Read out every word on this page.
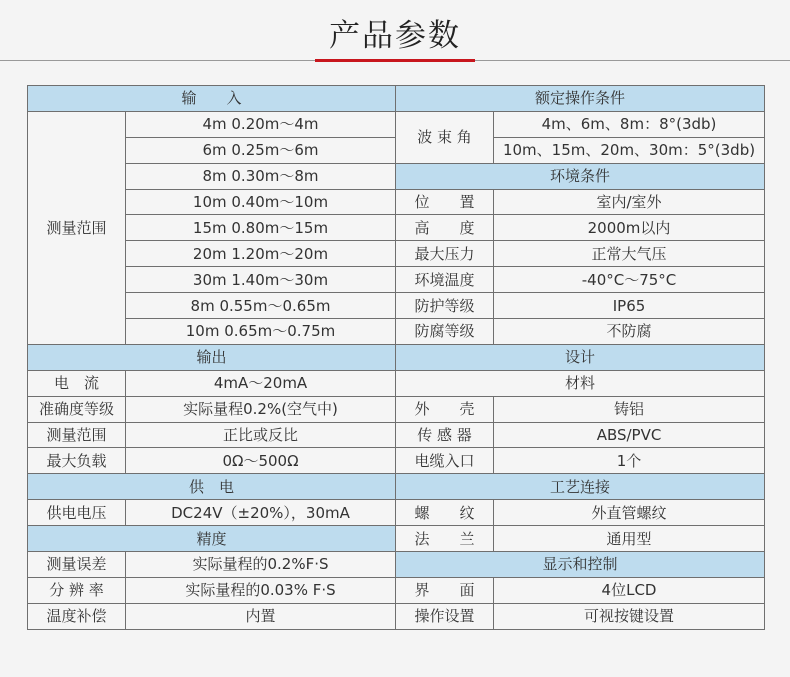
产品参数
输　　入		额定操作条件	
测量范围	4m 0.20m～4m	波 束 角	4m、6m、8m：8°(3db)
	6m 0.25m～6m		10m、15m、20m、30m：5°(3db)
	8m 0.30m～8m	环境条件	
	10m 0.40m～10m	位　　置	室内/室外
	15m 0.80m～15m	高　　度	2000m以内
	20m 1.20m～20m	最大压力	正常大气压
	30m 1.40m～30m	环境温度	-40°C～75°C
	8m 0.55m～0.65m	防护等级	IP65
	10m 0.65m～0.75m	防腐等级	不防腐
输出		设计	
电　流	4mA～20mA	材料	
准确度等级	实际量程0.2%(空气中)	外　　壳	铸铝
测量范围	正比或反比	传 感 器	ABS/PVC
最大负载	0Ω～500Ω	电缆入口	1个
供　电		工艺连接	
供电电压	DC24V（±20%），30mA	螺　　纹	外直管螺纹
精度		法　　兰	通用型
测量误差	实际量程的0.2%F·S	显示和控制	
分 辨 率	实际量程的0.03% F·S	界　　面	4位LCD
温度补偿	内置	操作设置	可视按键设置
